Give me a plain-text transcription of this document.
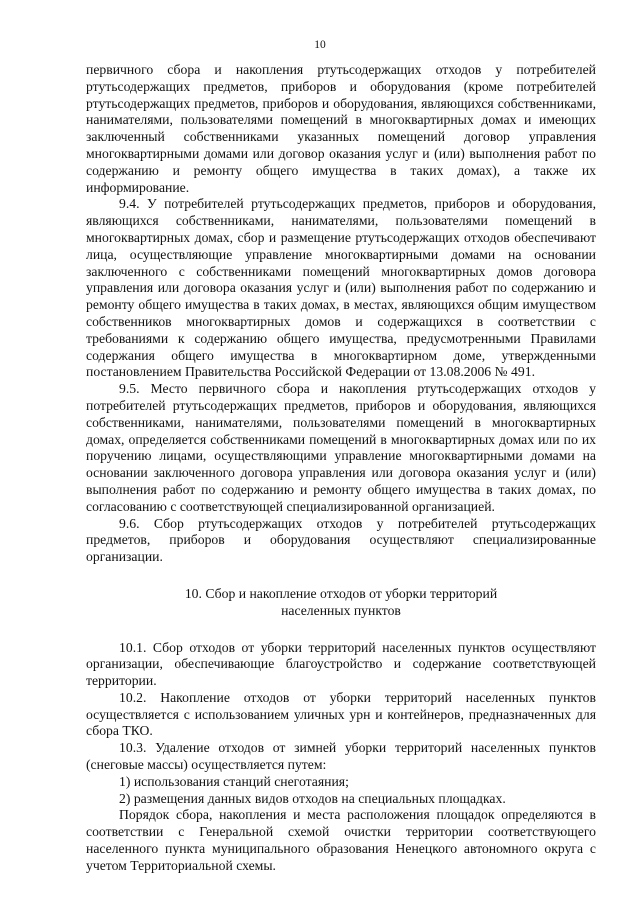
10

первичного сбора и накопления ртутьсодержащих отходов у потребителей ртутьсодержащих предметов, приборов и оборудования (кроме потребителей ртутьсодержащих предметов, приборов и оборудования, являющихся собственниками, нанимателями, пользователями помещений в многоквартирных домах и имеющих заключенный собственниками указанных помещений договор управления многоквартирными домами или договор оказания услуг и (или) выполнения работ по содержанию и ремонту общего имущества в таких домах), а также их информирование.

9.4. У потребителей ртутьсодержащих предметов, приборов и оборудования, являющихся собственниками, нанимателями, пользователями помещений в многоквартирных домах, сбор и размещение ртутьсодержащих отходов обеспечивают лица, осуществляющие управление многоквартирными домами на основании заключенного с собственниками помещений многоквартирных домов договора управления или договора оказания услуг и (или) выполнения работ по содержанию и ремонту общего имущества в таких домах, в местах, являющихся общим имуществом собственников многоквартирных домов и содержащихся в соответствии с требованиями к содержанию общего имущества, предусмотренными Правилами содержания общего имущества в многоквартирном доме, утвержденными постановлением Правительства Российской Федерации от 13.08.2006 № 491.

9.5. Место первичного сбора и накопления ртутьсодержащих отходов у потребителей ртутьсодержащих предметов, приборов и оборудования, являющихся собственниками, нанимателями, пользователями помещений в многоквартирных домах, определяется собственниками помещений в многоквартирных домах или по их поручению лицами, осуществляющими управление многоквартирными домами на основании заключенного договора управления или договора оказания услуг и (или) выполнения работ по содержанию и ремонту общего имущества в таких домах, по согласованию с соответствующей специализированной организацией.

9.6. Сбор ртутьсодержащих отходов у потребителей ртутьсодержащих предметов, приборов и оборудования осуществляют специализированные организации.

10. Сбор и накопление отходов от уборки территорий
населенных пунктов

10.1. Сбор отходов от уборки территорий населенных пунктов осуществляют организации, обеспечивающие благоустройство и содержание соответствующей территории.

10.2. Накопление отходов от уборки территорий населенных пунктов осуществляется с использованием уличных урн и контейнеров, предназначенных для сбора ТКО.

10.3. Удаление отходов от зимней уборки территорий населенных пунктов (снеговые массы) осуществляется путем:

1) использования станций снеготаяния;

2) размещения данных видов отходов на специальных площадках.

Порядок сбора, накопления и места расположения площадок определяются в соответствии с Генеральной схемой очистки территории соответствующего населенного пункта муниципального образования Ненецкого автономного округа с учетом Территориальной схемы.
